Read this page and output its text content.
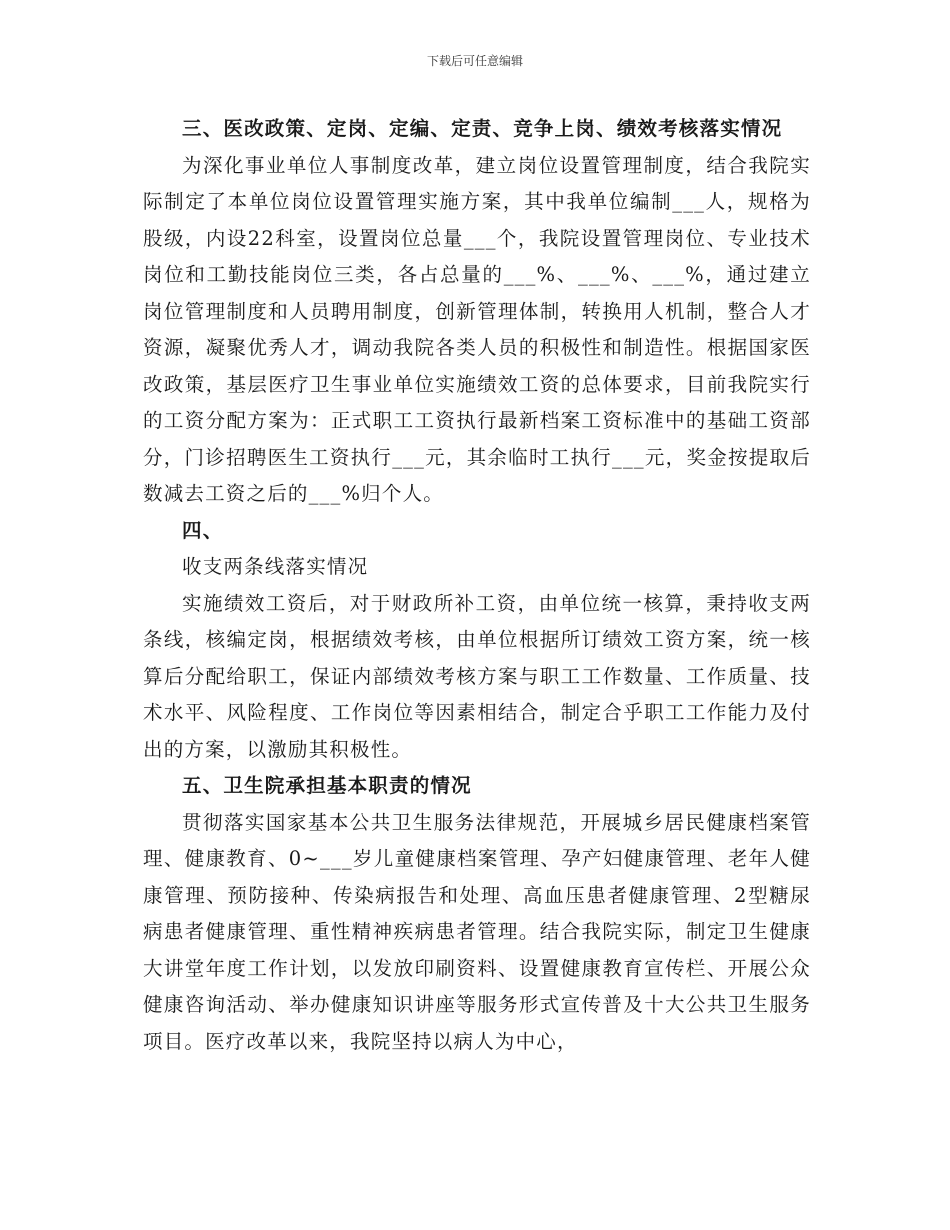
下载后可任意编辑

三、医改政策、定岗、定编、定责、竞争上岗、绩效考核落实情况

为深化事业单位人事制度改革，建立岗位设置管理制度，结合我院实际制定了本单位岗位设置管理实施方案，其中我单位编制___人，规格为股级，内设22科室，设置岗位总量___个，我院设置管理岗位、专业技术岗位和工勤技能岗位三类，各占总量的___%、___%、___%，通过建立岗位管理制度和人员聘用制度，创新管理体制，转换用人机制，整合人才资源，凝聚优秀人才，调动我院各类人员的积极性和制造性。根据国家医改政策，基层医疗卫生事业单位实施绩效工资的总体要求，目前我院实行的工资分配方案为：正式职工工资执行最新档案工资标准中的基础工资部分，门诊招聘医生工资执行___元，其余临时工执行___元，奖金按提取后数减去工资之后的___%归个人。

四、

收支两条线落实情况

实施绩效工资后，对于财政所补工资，由单位统一核算，秉持收支两条线，核编定岗，根据绩效考核，由单位根据所订绩效工资方案，统一核算后分配给职工，保证内部绩效考核方案与职工工作数量、工作质量、技术水平、风险程度、工作岗位等因素相结合，制定合乎职工工作能力及付出的方案，以激励其积极性。

五、卫生院承担基本职责的情况

贯彻落实国家基本公共卫生服务法律规范，开展城乡居民健康档案管理、健康教育、0~___岁儿童健康档案管理、孕产妇健康管理、老年人健康管理、预防接种、传染病报告和处理、高血压患者健康管理、2型糖尿病患者健康管理、重性精神疾病患者管理。结合我院实际，制定卫生健康大讲堂年度工作计划，以发放印刷资料、设置健康教育宣传栏、开展公众健康咨询活动、举办健康知识讲座等服务形式宣传普及十大公共卫生服务项目。医疗改革以来，我院坚持以病人为中心，
